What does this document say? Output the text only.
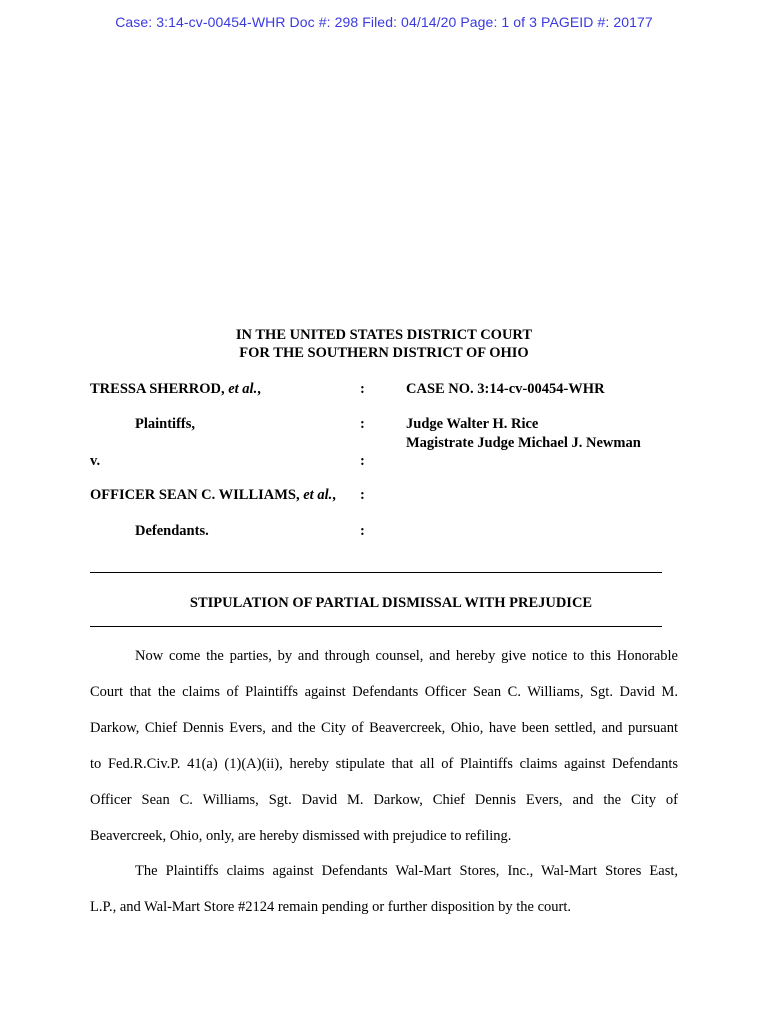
Case: 3:14-cv-00454-WHR Doc #: 298 Filed: 04/14/20 Page: 1 of 3 PAGEID #: 20177
IN THE UNITED STATES DISTRICT COURT
FOR THE SOUTHERN DISTRICT OF OHIO
TRESSA SHERROD, et al.,
Plaintiffs,
v.
OFFICER SEAN C. WILLIAMS, et al.,
Defendants.
:
:
:
:
:
CASE NO. 3:14-cv-00454-WHR
Judge Walter H. Rice
Magistrate Judge Michael J. Newman
STIPULATION OF PARTIAL DISMISSAL WITH PREJUDICE
Now come the parties, by and through counsel, and hereby give notice to this Honorable
Court that the claims of Plaintiffs against Defendants Officer Sean C. Williams, Sgt. David M.
Darkow, Chief Dennis Evers, and the City of Beavercreek, Ohio, have been settled, and pursuant
to Fed.R.Civ.P. 41(a) (1)(A)(ii), hereby stipulate that all of Plaintiffs claims against Defendants
Officer Sean C. Williams, Sgt. David M. Darkow, Chief Dennis Evers, and the City of
Beavercreek, Ohio, only, are hereby dismissed with prejudice to refiling.
The Plaintiffs claims against Defendants Wal-Mart Stores, Inc., Wal-Mart Stores East,
L.P., and Wal-Mart Store #2124 remain pending or further disposition by the court.
